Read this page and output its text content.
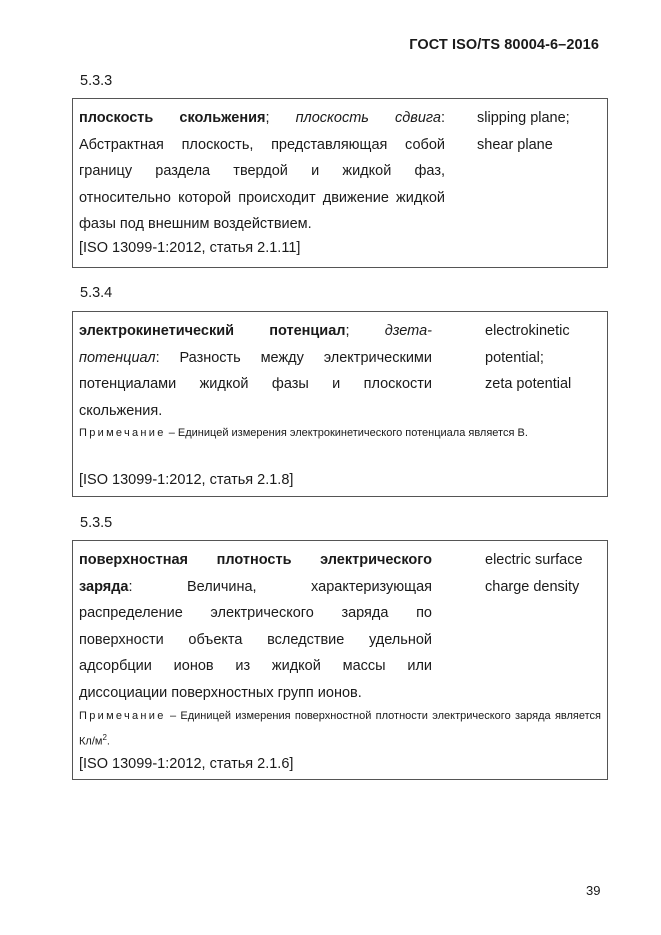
ГОСТ ISO/TS 80004-6–2016
5.3.3
плоскость скольжения; плоскость сдвига: Абстрактная плоскость, представляющая собой границу раздела твердой и жидкой фаз, относительно которой происходит движение жидкой фазы под внешним воздействием.
slipping plane;
shear plane
[ISO 13099-1:2012, статья 2.1.11]
5.3.4
электрокинетический потенциал; дзета-потенциал: Разность между электрическими потенциалами жидкой фазы и плоскости скольжения.
electrokinetic
potential;
zeta potential
Примечание – Единицей измерения электрокинетического потенциала является В.
[ISO 13099-1:2012, статья 2.1.8]
5.3.5
поверхностная плотность электрического заряда: Величина, характеризующая распределение электрического заряда по поверхности объекта вследствие удельной адсорбции ионов из жидкой массы или диссоциации поверхностных групп ионов.
electric surface
charge density
Примечание – Единицей измерения поверхностной плотности электрического заряда является $Кл/м^2$.
[ISO 13099-1:2012, статья 2.1.6]
39
